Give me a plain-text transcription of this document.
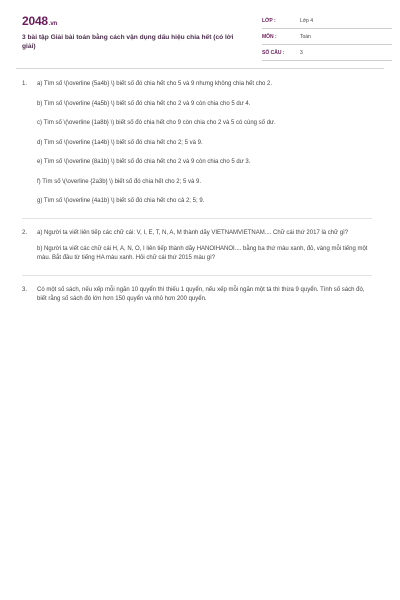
2048.vn
3 bài tập Giải bài toán bằng cách vận dụng dấu hiệu chia hết (có lời giải)
LỚP :	Lớp 4
MÔN :	Toán
SỐ CÂU :	3
1. a) Tìm số \(\overline {5a4b} \) biết số đó chia hết cho 5 và 9 nhưng không chia hết cho 2.
b) Tìm số \(\overline {4a5b} \) biết số đó chia hết cho 2 và 9 còn chia cho 5 dư 4.
c) Tìm số \(\overline {1a8b} \) biết số đó chia hết cho 9 còn chia cho 2 và 5 có cùng số dư.
d) Tìm số \(\overline {1a4b} \) biết số đó chia hết cho 2; 5 và 9.
e) Tìm số \(\overline {8a1b} \) biết số đó chia hết cho 2 và 9 còn chia cho 5 dư 3.
f) Tìm số \(\overline {2a3b} \) biết số đó chia hết cho 2; 5 và 9.
g) Tìm số \(\overline {4a1b} \) biết số đó chia hết cho cả 2; 5; 9.
2. a) Người ta viết liên tiếp các chữ cái: V, I, E, T, N, A, M thành dãy VIETNAMVIETNAM.... Chữ cái thứ 2017 là chữ gì?
b) Người ta viết các chữ cái H, A, N, O, I liên tiếp thành dãy HANOIHANOI.... bằng ba thứ màu xanh, đỏ, vàng mỗi tiếng một màu. Bắt đầu từ tiếng HA màu xanh. Hỏi chữ cái thứ 2015 màu gì?
3. Có một số sách, nếu xếp mỗi ngăn 10 quyển thì thiếu 1 quyển, nếu xếp mỗi ngăn một tá thì thừa 9 quyển. Tính số sách đó, biết rằng số sách đó lớn hơn 150 quyển và nhỏ hơn 200 quyển.
